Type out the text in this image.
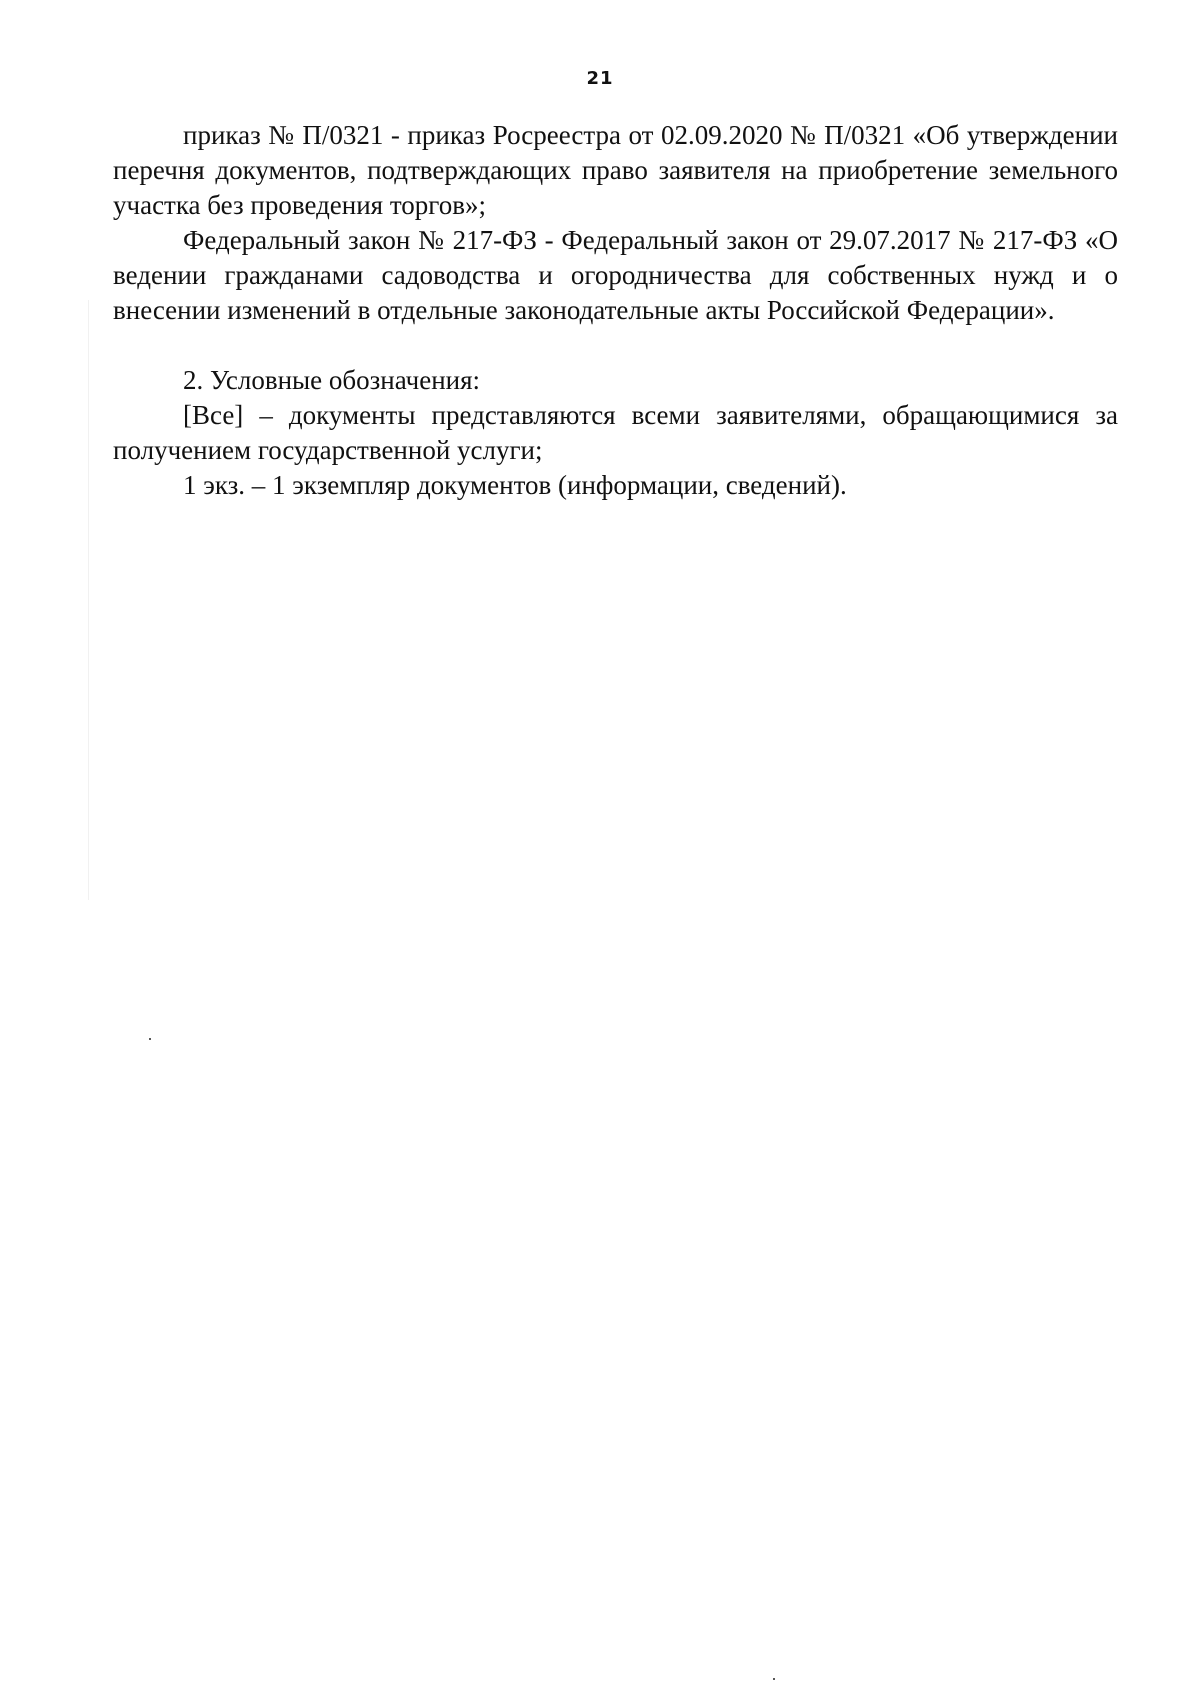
21

приказ № П/0321 - приказ Росреестра от 02.09.2020 № П/0321 «Об утверждении перечня документов, подтверждающих право заявителя на приобретение земельного участка без проведения торгов»;

Федеральный закон № 217-ФЗ - Федеральный закон от 29.07.2017 № 217-ФЗ «О ведении гражданами садоводства и огородничества для собственных нужд и о внесении изменений в отдельные законодательные акты Российской Федерации».

2. Условные обозначения:

[Все] – документы представляются всеми заявителями, обращающимися за получением государственной услуги;

1 экз. – 1 экземпляр документов (информации, сведений).
